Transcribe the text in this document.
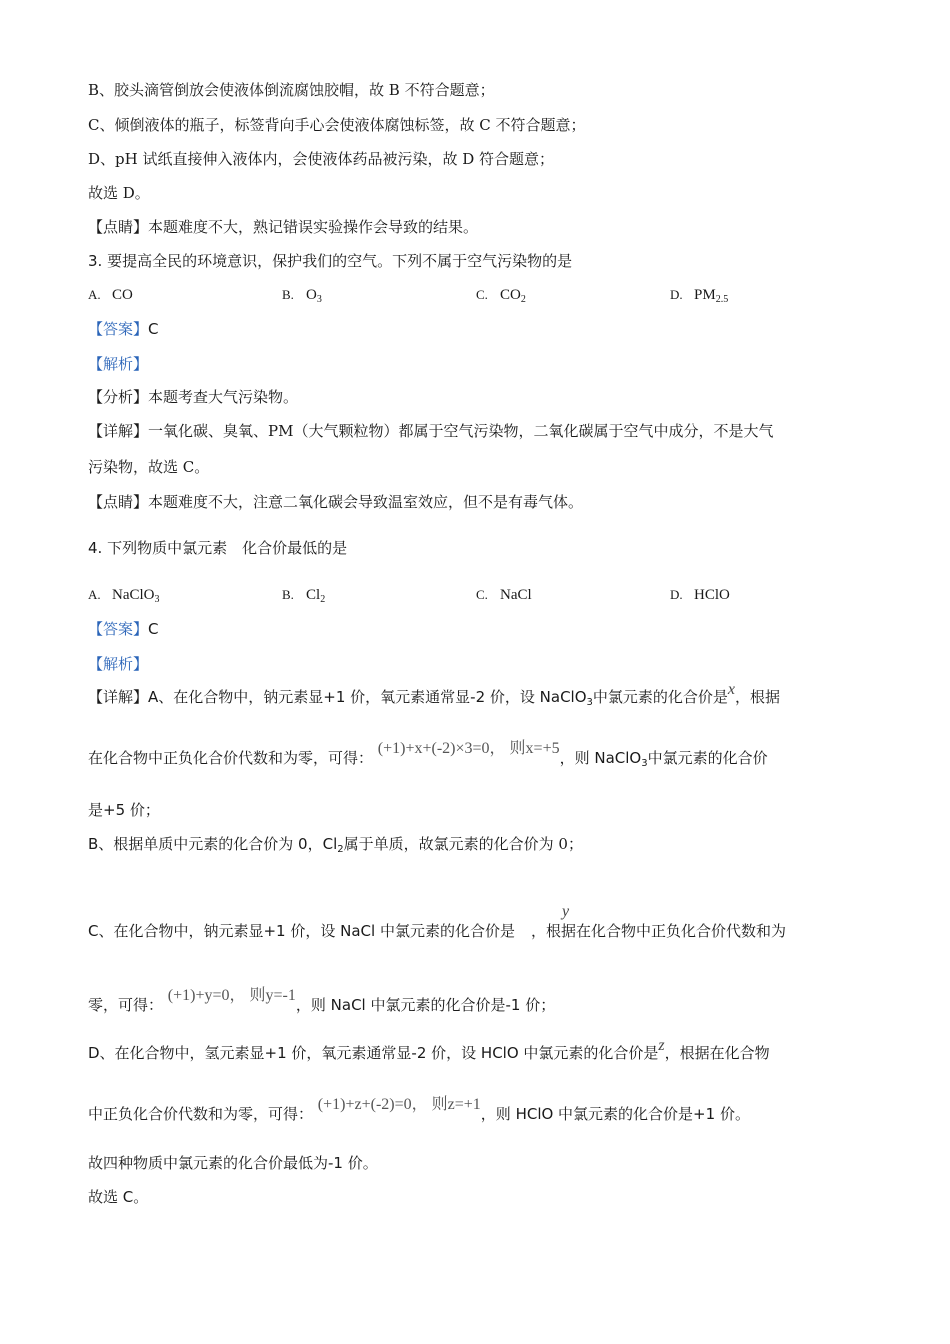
B、胶头滴管倒放会使液体倒流腐蚀胶帽，故 B 不符合题意；
C、倾倒液体的瓶子，标签背向手心会使液体腐蚀标签，故 C 不符合题意；
D、pH 试纸直接伸入液体内，会使液体药品被污染，故 D 符合题意；
故选 D。
【点睛】本题难度不大，熟记错误实验操作会导致的结果。
3. 要提高全民的环境意识，保护我们的空气。下列不属于空气污染物的是
A. CO	B. $O_3$	C. $CO_2$	D. $PM_{2.5}$
【答案】C
【解析】
【分析】本题考查大气污染物。
【详解】一氧化碳、臭氧、PM（大气颗粒物）都属于空气污染物，二氧化碳属于空气中成分，不是大气
污染物，故选 C。
【点睛】本题难度不大，注意二氧化碳会导致温室效应，但不是有毒气体。
4. 下列物质中氯元素　化合价最低的是
A. NaClO$_3$	B. $Cl_2$	C. NaCl	D. HClO
【答案】C
【解析】
【详解】A、在化合物中，钠元素显+1 价，氧元素通常显-2 价，设 NaClO$_3$中氯元素的化合价是x，根据
在化合物中正负化合价代数和为零，可得： (+1)+x+(-2)×3=0， 则x=+5，则 NaClO$_3$中氯元素的化合价
是+5 价；
B、根据单质中元素的化合价为 0，$Cl_2$属于单质，故氯元素的化合价为 0；
y
C、在化合物中，钠元素显+1 价，设 NaCl 中氯元素的化合价是 ，根据在化合物中正负化合价代数和为
零，可得： (+1)+y=0， 则y=-1，则 NaCl 中氯元素的化合价是-1 价；
D、在化合物中，氢元素显+1 价，氧元素通常显-2 价，设 HClO 中氯元素的化合价是z，根据在化合物
中正负化合价代数和为零，可得： (+1)+z+(-2)=0， 则z=+1，则 HClO 中氯元素的化合价是+1 价。
故四种物质中氯元素的化合价最低为-1 价。
故选 C。
